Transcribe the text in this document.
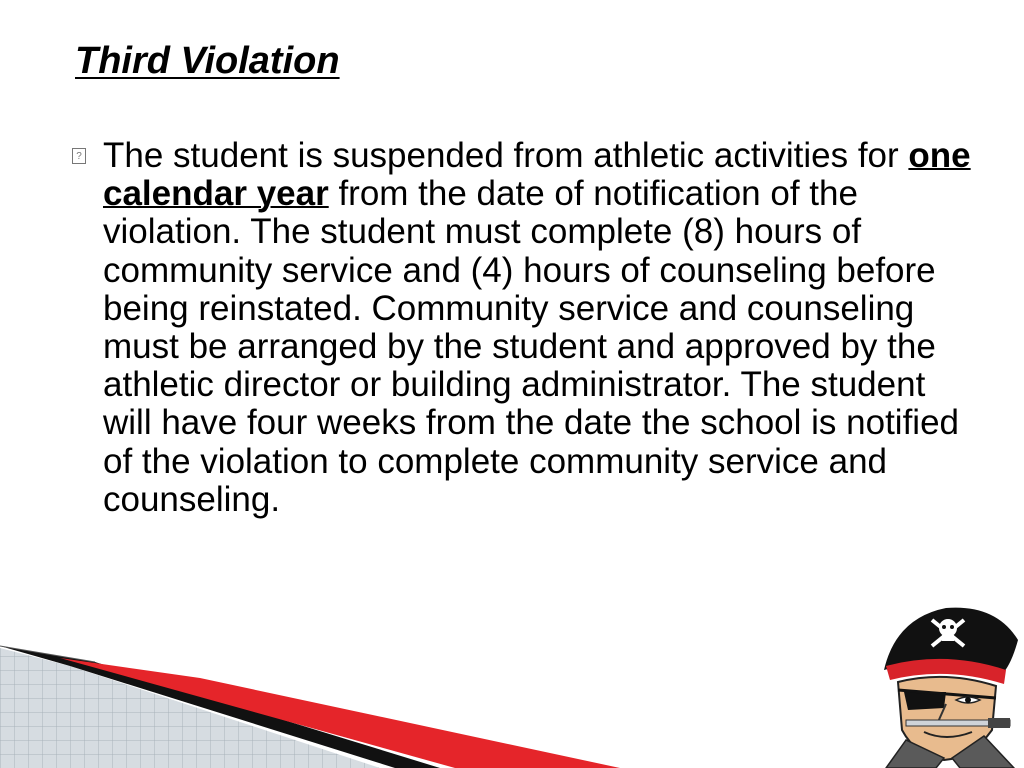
Third Violation
? The student is suspended from athletic activities for one calendar year from the date of notification of the violation. The student must complete (8) hours of community service and (4) hours of counseling before being reinstated. Community service and counseling must be arranged by the student and approved by the athletic director or building administrator. The student will have four weeks from the date the school is notified of the violation to complete community service and counseling.
